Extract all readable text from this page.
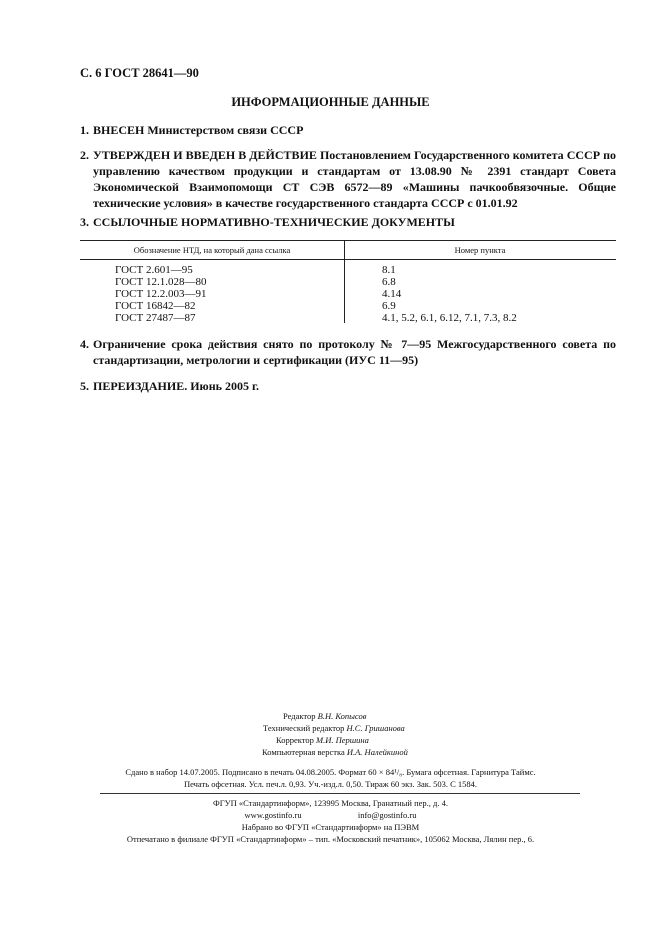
С. 6 ГОСТ 28641—90
ИНФОРМАЦИОННЫЕ ДАННЫЕ
1. ВНЕСЕН Министерством связи СССР
2. УТВЕРЖДЕН И ВВЕДЕН В ДЕЙСТВИЕ Постановлением Государственного комитета СССР по управлению качеством продукции и стандартам от 13.08.90 № 2391 стандарт Совета Экономической Взаимопомощи СТ СЭВ 6572—89 «Машины пачкообвязочные. Общие технические условия» в качестве государственного стандарта СССР с 01.01.92
3. ССЫЛОЧНЫЕ НОРМАТИВНО-ТЕХНИЧЕСКИЕ ДОКУМЕНТЫ
Обозначение НТД, на который дана ссылка	Номер пункта
ГОСТ 2.601—95
ГОСТ 12.1.028—80
ГОСТ 12.2.003—91
ГОСТ 16842—82
ГОСТ 27487—87
8.1
6.8
4.14
6.9
4.1, 5.2, 6.1, 6.12, 7.1, 7.3, 8.2
4. Ограничение срока действия снято по протоколу № 7—95 Межгосударственного совета по стандартизации, метрологии и сертификации (ИУС 11—95)
5. ПЕРЕИЗДАНИЕ. Июнь 2005 г.
Редактор В.Н. Копысов
Технический редактор Н.С. Гришанова
Корректор М.И. Першина
Компьютерная верстка И.А. Налейкиной
Сдано в набор 14.07.2005. Подписано в печать 04.08.2005. Формат 60 × 84¹/₈. Бумага офсетная. Гарнитура Таймс.
Печать офсетная. Усл. печ.л. 0,93. Уч.-изд.л. 0,50. Тираж 60 экз. Зак. 503. С 1584.
ФГУП «Стандартинформ», 123995 Москва, Гранатный пер., д. 4.
www.gostinfo.ru	info@gostinfo.ru
Набрано во ФГУП «Стандартинформ» на ПЭВМ
Отпечатано в филиале ФГУП «Стандартинформ» – тип. «Московский печатник», 105062 Москва, Лялин пер., 6.
